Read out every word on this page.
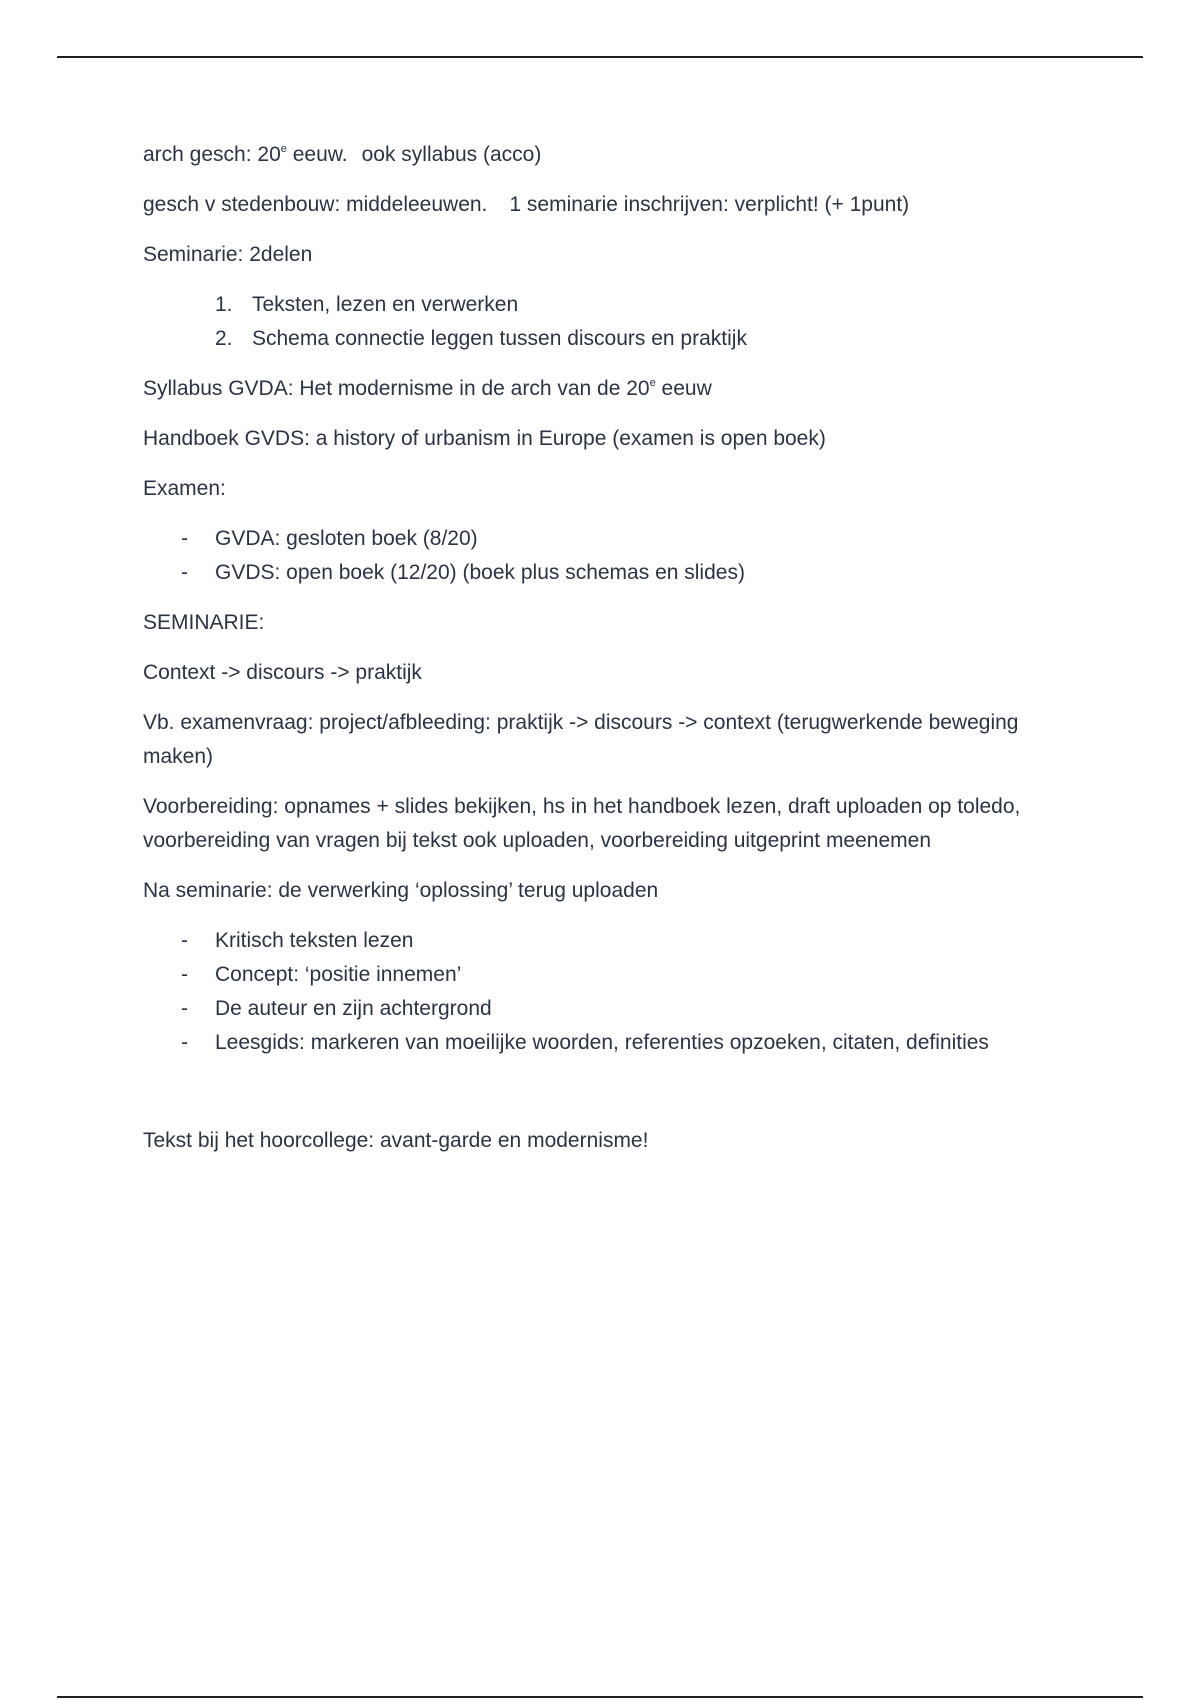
arch gesch: 20e eeuw. ook syllabus (acco)

gesch v stedenbouw: middeleeuwen. 1 seminarie inschrijven: verplicht! (+ 1punt)

Seminarie: 2delen

1. Teksten, lezen en verwerken
2. Schema connectie leggen tussen discours en praktijk

Syllabus GVDA: Het modernisme in de arch van de 20e eeuw

Handboek GVDS: a history of urbanism in Europe (examen is open boek)

Examen:

- GVDA: gesloten boek (8/20)
- GVDS: open boek (12/20) (boek plus schemas en slides)

SEMINARIE:

Context -> discours -> praktijk

Vb. examenvraag: project/afbleeding: praktijk -> discours -> context (terugwerkende beweging maken)

Voorbereiding: opnames + slides bekijken, hs in het handboek lezen, draft uploaden op toledo, voorbereiding van vragen bij tekst ook uploaden, voorbereiding uitgeprint meenemen

Na seminarie: de verwerking ‘oplossing’ terug uploaden

- Kritisch teksten lezen
- Concept: ‘positie innemen’
- De auteur en zijn achtergrond
- Leesgids: markeren van moeilijke woorden, referenties opzoeken, citaten, definities

Tekst bij het hoorcollege: avant-garde en modernisme!
